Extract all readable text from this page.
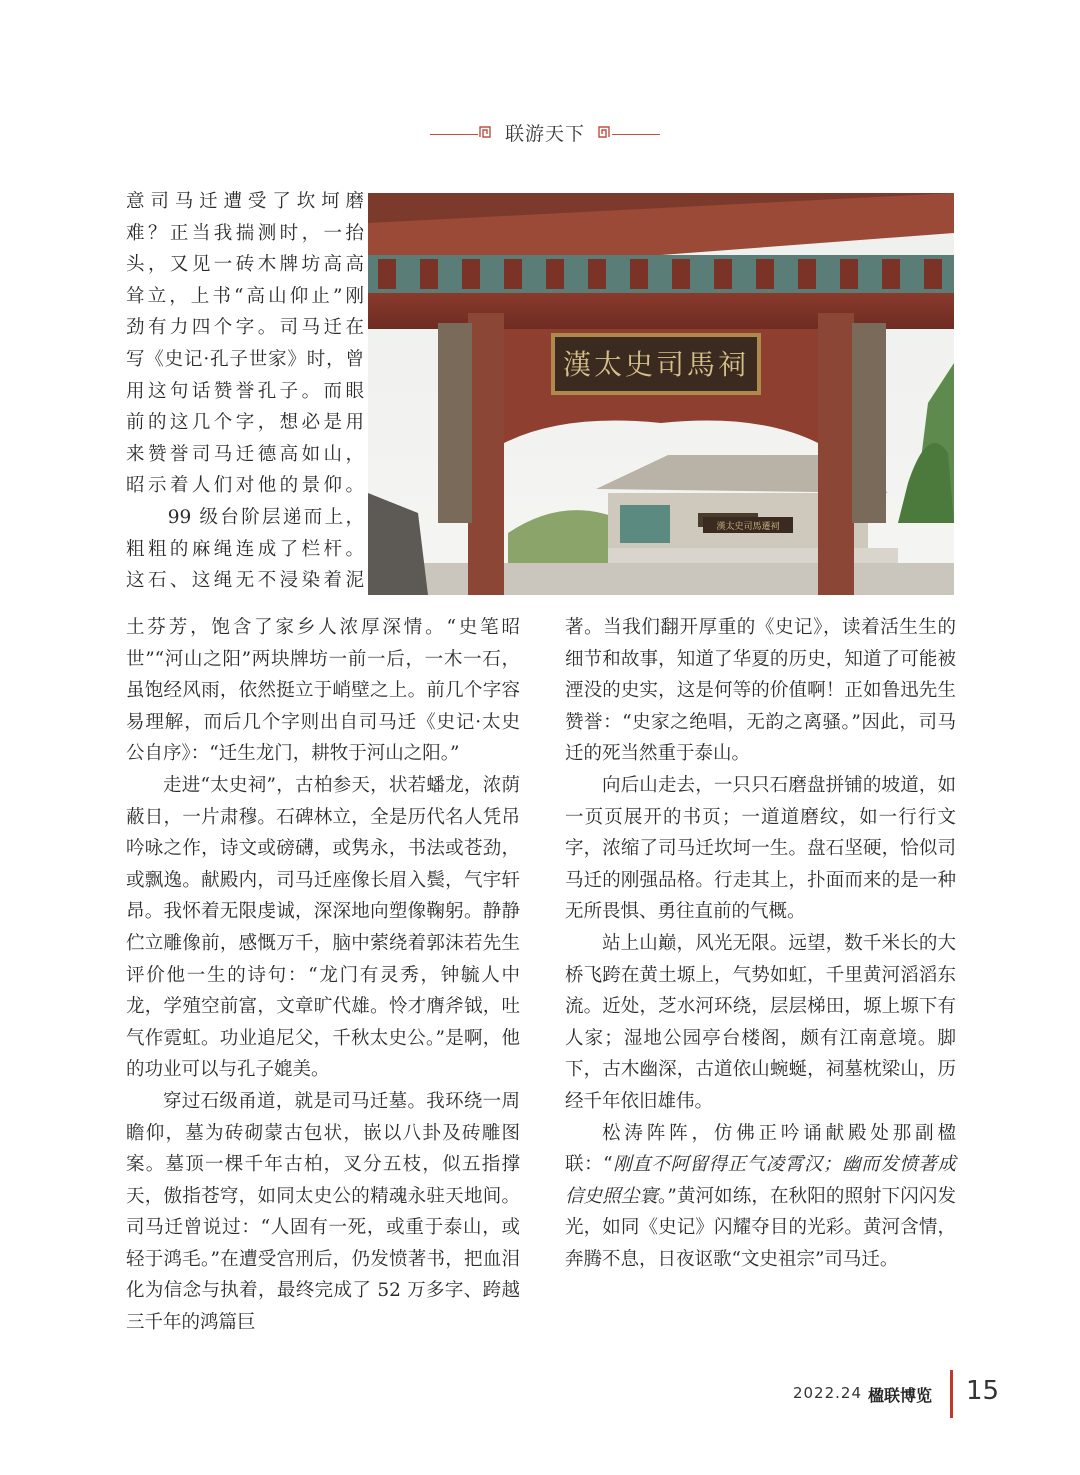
联游天下
漢太史司馬祠
漢太史司馬遷祠
意司马迁遭受了坎坷磨
难？正当我揣测时，一抬
头，又见一砖木牌坊高高
耸立，上书“高山仰止”刚
劲有力四个字。司马迁在
写《史记·孔子世家》时，曾
用这句话赞誉孔子。而眼
前的这几个字，想必是用
来赞誉司马迁德高如山，
昭示着人们对他的景仰。
　　99 级台阶层递而上，
粗粗的麻绳连成了栏杆。
这石、这绳无不浸染着泥

土芬芳，饱含了家乡人浓厚深情。“史笔昭世”“河山之阳”两块牌坊一前一后，一木一石，虽饱经风雨，依然挺立于峭壁之上。前几个字容易理解，而后几个字则出自司马迁《史记·太史公自序》：“迁生龙门，耕牧于河山之阳。”

走进“太史祠”，古柏参天，状若蟠龙，浓荫蔽日，一片肃穆。石碑林立，全是历代名人凭吊吟咏之作，诗文或磅礴，或隽永，书法或苍劲，或飘逸。献殿内，司马迁座像长眉入鬓，气宇轩昂。我怀着无限虔诚，深深地向塑像鞠躬。静静伫立雕像前，感慨万千，脑中萦绕着郭沫若先生评价他一生的诗句：“龙门有灵秀，钟毓人中龙，学殖空前富，文章旷代雄。怜才膺斧钺，吐气作霓虹。功业追尼父，千秋太史公。”是啊，他的功业可以与孔子媲美。

穿过石级甬道，就是司马迁墓。我环绕一周瞻仰，墓为砖砌蒙古包状，嵌以八卦及砖雕图案。墓顶一棵千年古柏，叉分五枝，似五指撑天，傲指苍穹，如同太史公的精魂永驻天地间。司马迁曾说过：“人固有一死，或重于泰山，或轻于鸿毛。”在遭受宫刑后，仍发愤著书，把血泪化为信念与执着，最终完成了 52 万多字、跨越三千年的鸿篇巨

著。当我们翻开厚重的《史记》，读着活生生的细节和故事，知道了华夏的历史，知道了可能被湮没的史实，这是何等的价值啊！正如鲁迅先生赞誉：“史家之绝唱，无韵之离骚。”因此，司马迁的死当然重于泰山。

向后山走去，一只只石磨盘拼铺的坡道，如一页页展开的书页；一道道磨纹，如一行行文字，浓缩了司马迁坎坷一生。盘石坚硬，恰似司马迁的刚强品格。行走其上，扑面而来的是一种无所畏惧、勇往直前的气概。

站上山巅，风光无限。远望，数千米长的大桥飞跨在黄土塬上，气势如虹，千里黄河滔滔东流。近处，芝水河环绕，层层梯田，塬上塬下有人家；湿地公园亭台楼阁，颇有江南意境。脚下，古木幽深，古道依山蜿蜒，祠墓枕梁山，历经千年依旧雄伟。

松涛阵阵，仿佛正吟诵献殿处那副楹联：“刚直不阿留得正气凌霄汉；幽而发愤著成信史照尘寰。”黄河如练，在秋阳的照射下闪闪发光，如同《史记》闪耀夺目的光彩。黄河含情，奔腾不息，日夜讴歌“文史祖宗”司马迁。

2022.24 楹联博览 15
